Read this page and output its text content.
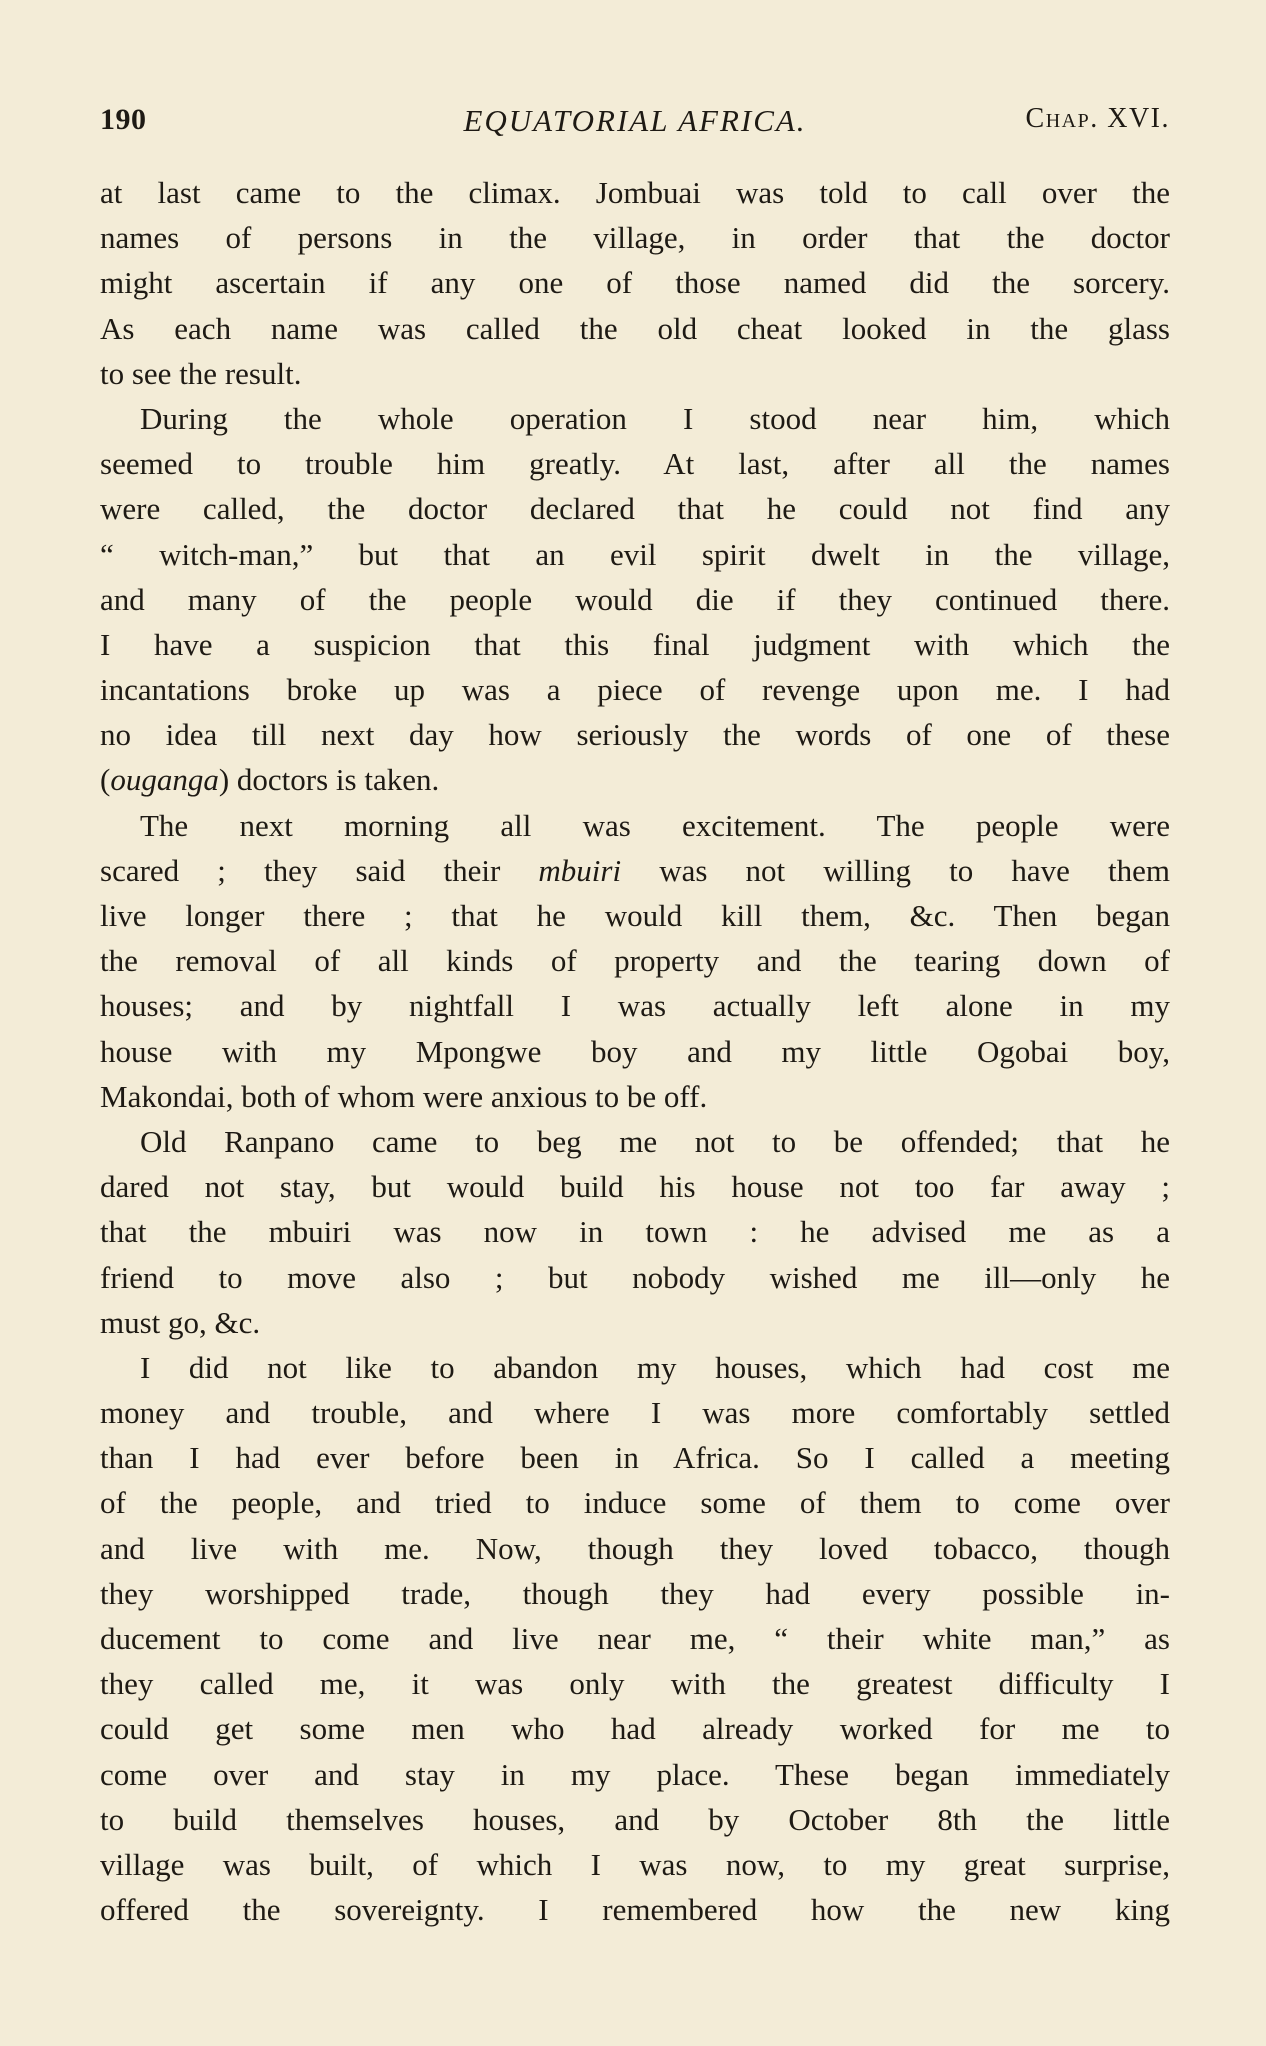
190	EQUATORIAL AFRICA.	Chap. XVI.
at last came to the climax. Jombuai was told to call over the
names of persons in the village, in order that the doctor
might ascertain if any one of those named did the sorcery.
As each name was called the old cheat looked in the glass
to see the result.
During the whole operation I stood near him, which
seemed to trouble him greatly. At last, after all the names
were called, the doctor declared that he could not find any
“ witch-man,” but that an evil spirit dwelt in the village,
and many of the people would die if they continued there.
I have a suspicion that this final judgment with which the
incantations broke up was a piece of revenge upon me. I had
no idea till next day how seriously the words of one of these
(ouganga) doctors is taken.
The next morning all was excitement. The people were
scared ; they said their mbuiri was not willing to have them
live longer there ; that he would kill them, &c. Then began
the removal of all kinds of property and the tearing down of
houses; and by nightfall I was actually left alone in my
house with my Mpongwe boy and my little Ogobai boy,
Makondai, both of whom were anxious to be off.
Old Ranpano came to beg me not to be offended; that he
dared not stay, but would build his house not too far away ;
that the mbuiri was now in town : he advised me as a
friend to move also ; but nobody wished me ill—only he
must go, &c.
I did not like to abandon my houses, which had cost me
money and trouble, and where I was more comfortably settled
than I had ever before been in Africa. So I called a meeting
of the people, and tried to induce some of them to come over
and live with me. Now, though they loved tobacco, though
they worshipped trade, though they had every possible in-
ducement to come and live near me, “ their white man,” as
they called me, it was only with the greatest difficulty I
could get some men who had already worked for me to
come over and stay in my place. These began immediately
to build themselves houses, and by October 8th the little
village was built, of which I was now, to my great surprise,
offered the sovereignty. I remembered how the new king
